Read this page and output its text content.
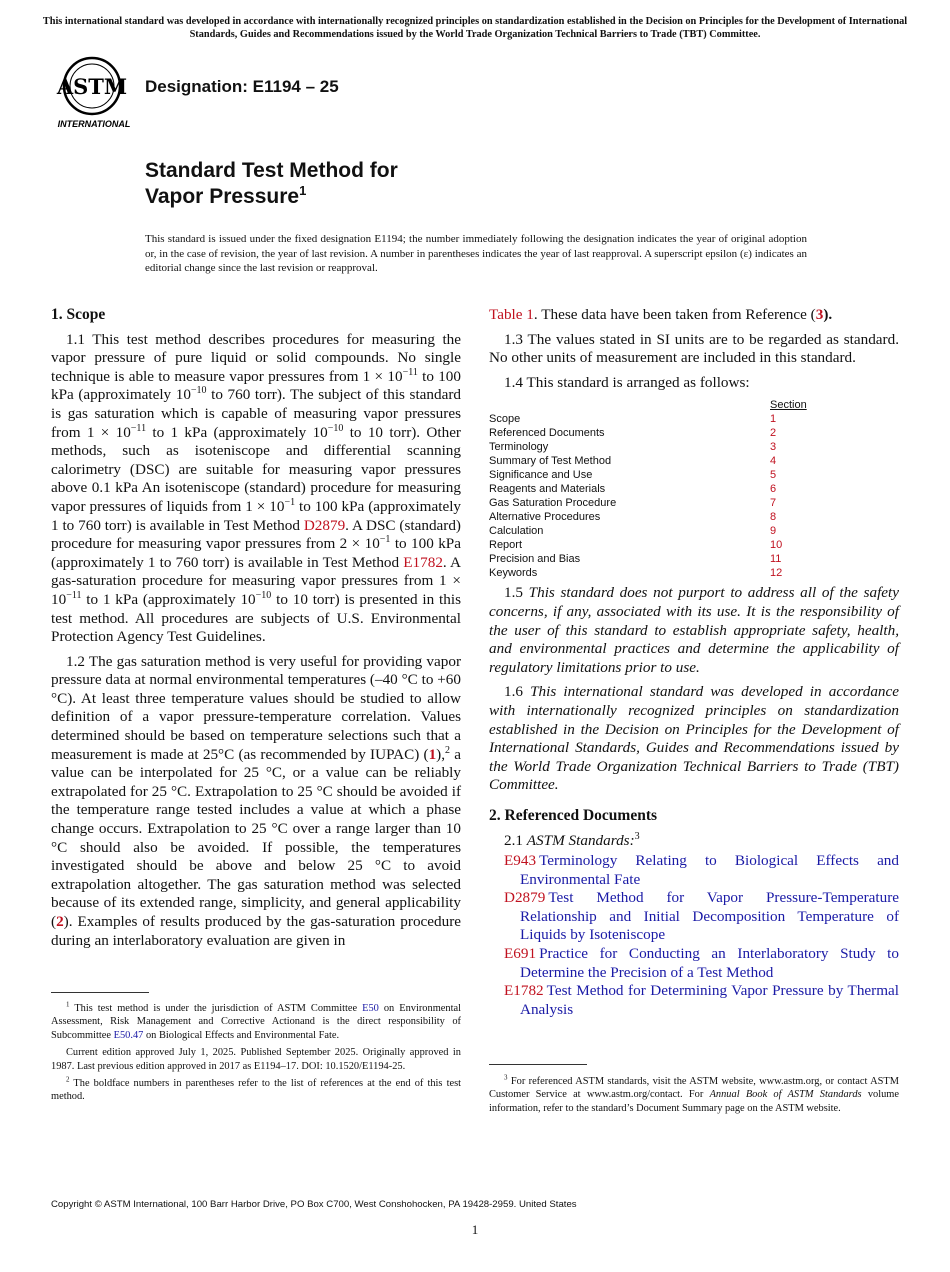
This international standard was developed in accordance with internationally recognized principles on standardization established in the Decision on Principles for the Development of International Standards, Guides and Recommendations issued by the World Trade Organization Technical Barriers to Trade (TBT) Committee.
ASTM
INTERNATIONAL
Designation: E1194 – 25
Standard Test Method for
Vapor Pressure$^1$
This standard is issued under the fixed designation E1194; the number immediately following the designation indicates the year of original adoption or, in the case of revision, the year of last revision. A number in parentheses indicates the year of last reapproval. A superscript epsilon (ε) indicates an editorial change since the last revision or reapproval.
1. Scope

1.1 This test method describes procedures for measuring the vapor pressure of pure liquid or solid compounds. No single technique is able to measure vapor pressures from $1 \times 10^{-11}$ to 100 kPa (approximately $10^{-10}$ to 760 torr). The subject of this standard is gas saturation which is capable of measuring vapor pressures from $1 \times 10^{-11}$ to 1 kPa (approximately $10^{-10}$ to 10 torr). Other methods, such as isoteniscope and differential scanning calorimetry (DSC) are suitable for measuring vapor pressures above 0.1 kPa An isoteniscope (standard) procedure for measuring vapor pressures of liquids from $1 \times 10^{-1}$ to 100 kPa (approximately 1 to 760 torr) is available in Test Method D2879. A DSC (standard) procedure for measuring vapor pressures from $2 \times 10^{-1}$ to 100 kPa (approximately 1 to 760 torr) is available in Test Method E1782. A gas-saturation procedure for measuring vapor pressures from $1 \times 10^{-11}$ to 1 kPa (approximately $10^{-10}$ to 10 torr) is presented in this test method. All procedures are subjects of U.S. Environmental Protection Agency Test Guidelines.

1.2 The gas saturation method is very useful for providing vapor pressure data at normal environmental temperatures (–40 °C to +60 °C). At least three temperature values should be studied to allow definition of a vapor pressure-temperature correlation. Values determined should be based on temperature selections such that a measurement is made at 25°C (as recommended by IUPAC) (1),$^2$ a value can be interpolated for 25 °C, or a value can be reliably extrapolated for 25 °C. Extrapolation to 25 °C should be avoided if the temperature range tested includes a value at which a phase change occurs. Extrapolation to 25 °C over a range larger than 10 °C should also be avoided. If possible, the temperatures investigated should be above and below 25 °C to avoid extrapolation altogether. The gas saturation method was selected because of its extended range, simplicity, and general applicability (2). Examples of results produced by the gas-saturation procedure during an interlaboratory evaluation are given in

$^1$ This test method is under the jurisdiction of ASTM Committee E50 on Environmental Assessment, Risk Management and Corrective Actionand is the direct responsibility of Subcommittee E50.47 on Biological Effects and Environmental Fate.

Current edition approved July 1, 2025. Published September 2025. Originally approved in 1987. Last previous edition approved in 2017 as E1194–17. DOI: 10.1520/E1194-25.

$^2$ The boldface numbers in parentheses refer to the list of references at the end of this test method.

Table 1. These data have been taken from Reference (3).

1.3 The values stated in SI units are to be regarded as standard. No other units of measurement are included in this standard.

1.4 This standard is arranged as follows:

Section
Scope	1
Referenced Documents	2
Terminology	3
Summary of Test Method	4
Significance and Use	5
Reagents and Materials	6
Gas Saturation Procedure	7
Alternative Procedures	8
Calculation	9
Report	10
Precision and Bias	11
Keywords	12

1.5 This standard does not purport to address all of the safety concerns, if any, associated with its use. It is the responsibility of the user of this standard to establish appropriate safety, health, and environmental practices and determine the applicability of regulatory limitations prior to use.

1.6 This international standard was developed in accordance with internationally recognized principles on standardization established in the Decision on Principles for the Development of International Standards, Guides and Recommendations issued by the World Trade Organization Technical Barriers to Trade (TBT) Committee.

2. Referenced Documents

2.1 ASTM Standards:$^3$

E943 Terminology Relating to Biological Effects and Environmental Fate
D2879 Test Method for Vapor Pressure-Temperature Relationship and Initial Decomposition Temperature of Liquids by Isoteniscope
E691 Practice for Conducting an Interlaboratory Study to Determine the Precision of a Test Method
E1782 Test Method for Determining Vapor Pressure by Thermal Analysis

$^3$ For referenced ASTM standards, visit the ASTM website, www.astm.org, or contact ASTM Customer Service at www.astm.org/contact. For Annual Book of ASTM Standards volume information, refer to the standard’s Document Summary page on the ASTM website.

Copyright © ASTM International, 100 Barr Harbor Drive, PO Box C700, West Conshohocken, PA 19428-2959. United States
1
